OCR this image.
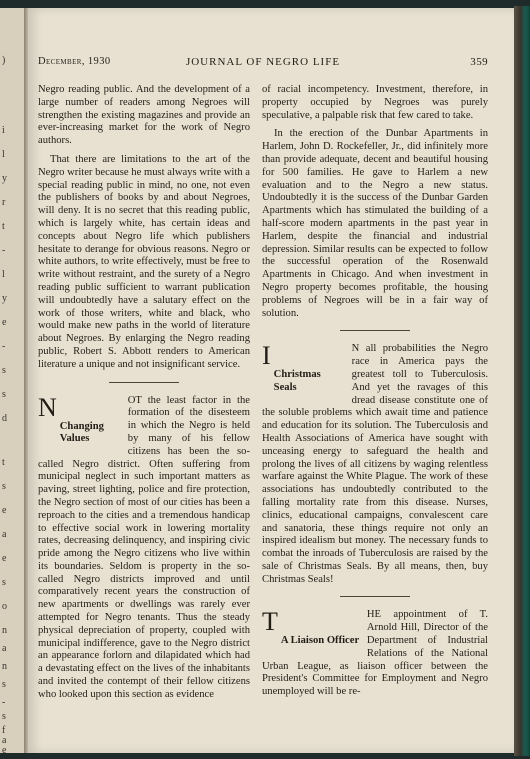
)
i
l
y
r
t
-
l
y
e
-
s
s
d
t
s
e
a
e
s
o
n
a
n
s
-
s
f
a
e
December, 1930	JOURNAL OF NEGRO LIFE	359

Negro reading public. And the development of a large number of readers among Negroes will strengthen the existing magazines and provide an ever-increasing market for the work of Negro authors.

That there are limitations to the art of the Negro writer because he must always write with a special reading public in mind, no one, not even the publishers of books by and about Negroes, will deny. It is no secret that this reading public, which is largely white, has certain ideas and concepts about Negro life which publishers hesitate to derange for obvious reasons. Negro or white authors, to write effectively, must be free to write without restraint, and the surety of a Negro reading public sufficient to warrant publication will undoubtedly have a salutary effect on the work of those writers, white and black, who would make new paths in the world of literature about Negroes. By enlarging the Negro reading public, Robert S. Abbott renders to American literature a unique and not insignificant service.

N	OT
Changing Values
the least factor in the formation of the disesteem in which the Negro is held by many of his fellow citizens has been the so-called Negro district. Often suffering from municipal neglect in such important matters as paving, street lighting, police and fire protection, the Negro section of most of our cities has been a reproach to the cities and a tremendous handicap to effective social work in lowering mortality rates, decreasing delinquency, and inspiring civic pride among the Negro citizens who live within its boundaries. Seldom is property in the so-called Negro districts improved and until comparatively recent years the construction of new apartments or dwellings was rarely ever attempted for Negro tenants. Thus the steady physical depreciation of property, coupled with municipal indifference, gave to the Negro district an appearance forlorn and dilapidated which had a devastating effect on the lives of the inhabitants and invited the contempt of their fellow citizens who looked upon this section as evidence

of racial incompetency. Investment, therefore, in property occupied by Negroes was purely speculative, a palpable risk that few cared to take.

In the erection of the Dunbar Apartments in Harlem, John D. Rockefeller, Jr., did infinitely more than provide adequate, decent and beautiful housing for 500 families. He gave to Harlem a new evaluation and to the Negro a new status. Undoubtedly it is the success of the Dunbar Garden Apartments which has stimulated the building of a half-score modern apartments in the past year in Harlem, despite the financial and industrial depression. Similar results can be expected to follow the successful operation of the Rosenwald Apartments in Chicago. And when investment in Negro property becomes profitable, the housing problems of Negroes will be in a fair way of solution.

I
Christmas
Seals
N all probabilities the Negro race in America pays the greatest toll to Tuberculosis. And yet the ravages of this dread disease constitute one of the soluble problems which await time and patience and education for its solution. The Tuberculosis and Health Associations of America have sought with unceasing energy to safeguard the health and prolong the lives of all citizens by waging relentless warfare against the White Plague. The work of these associations has undoubtedly contributed to the falling mortality rate from this disease. Nurses, clinics, educational campaigns, convalescent care and sanatoria, these things require not only an inspired idealism but money. The necessary funds to combat the inroads of Tuberculosis are raised by the sale of Christmas Seals. By all means, then, buy Christmas Seals!

T	HE
A Liaison Officer
appointment of T. Arnold Hill, Director of the Department of Industrial Relations of the National Urban League, as liaison officer between the President's Committee for Employment and Negro unemployed will be re-
